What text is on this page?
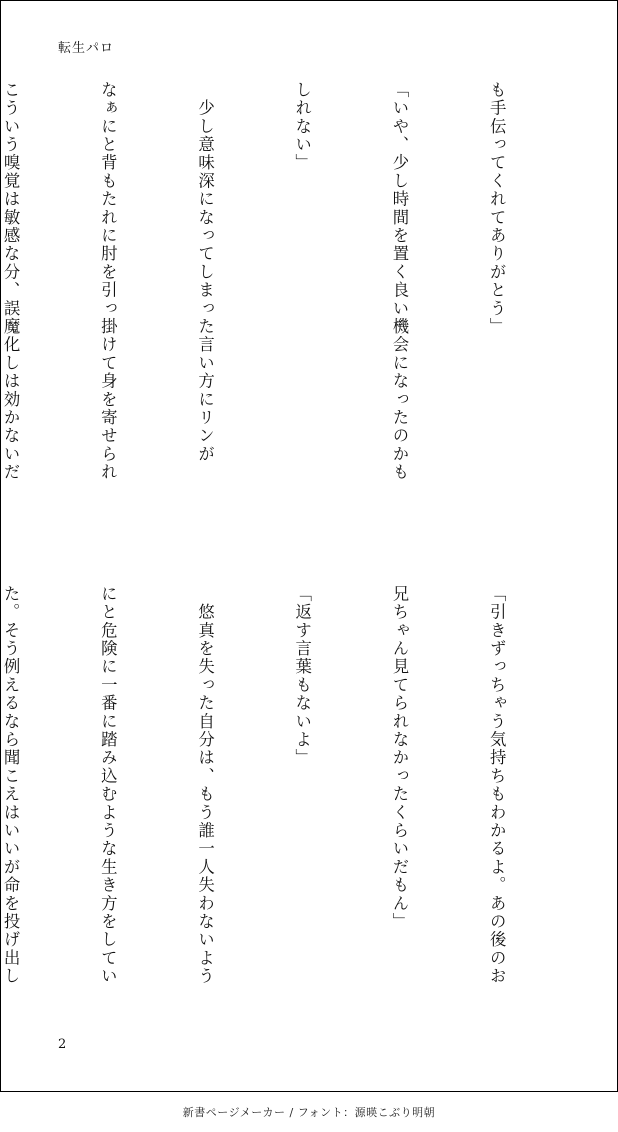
転生パロ

も手伝ってくれてありがとう」

「いや、少し時間を置く良い機会になったのかも

しれない」

　少し意味深になってしまった言い方にリンが

なぁにと背もたれに肘を引っ掛けて身を寄せられ

こういう嗅覚は敏感な分、誤魔化しは効かないだ

「引きずっちゃう気持ちもわかるよ。あの後のお

兄ちゃん見てられなかったくらいだもん」

「返す言葉もないよ」

　悠真を失った自分は、もう誰一人失わないよう

にと危険に一番に踏み込むような生き方をしてい

た。そう例えるなら聞こえはいいが命を投げ出し

2
新書ページメーカー / フォント：源暎こぶり明朝
